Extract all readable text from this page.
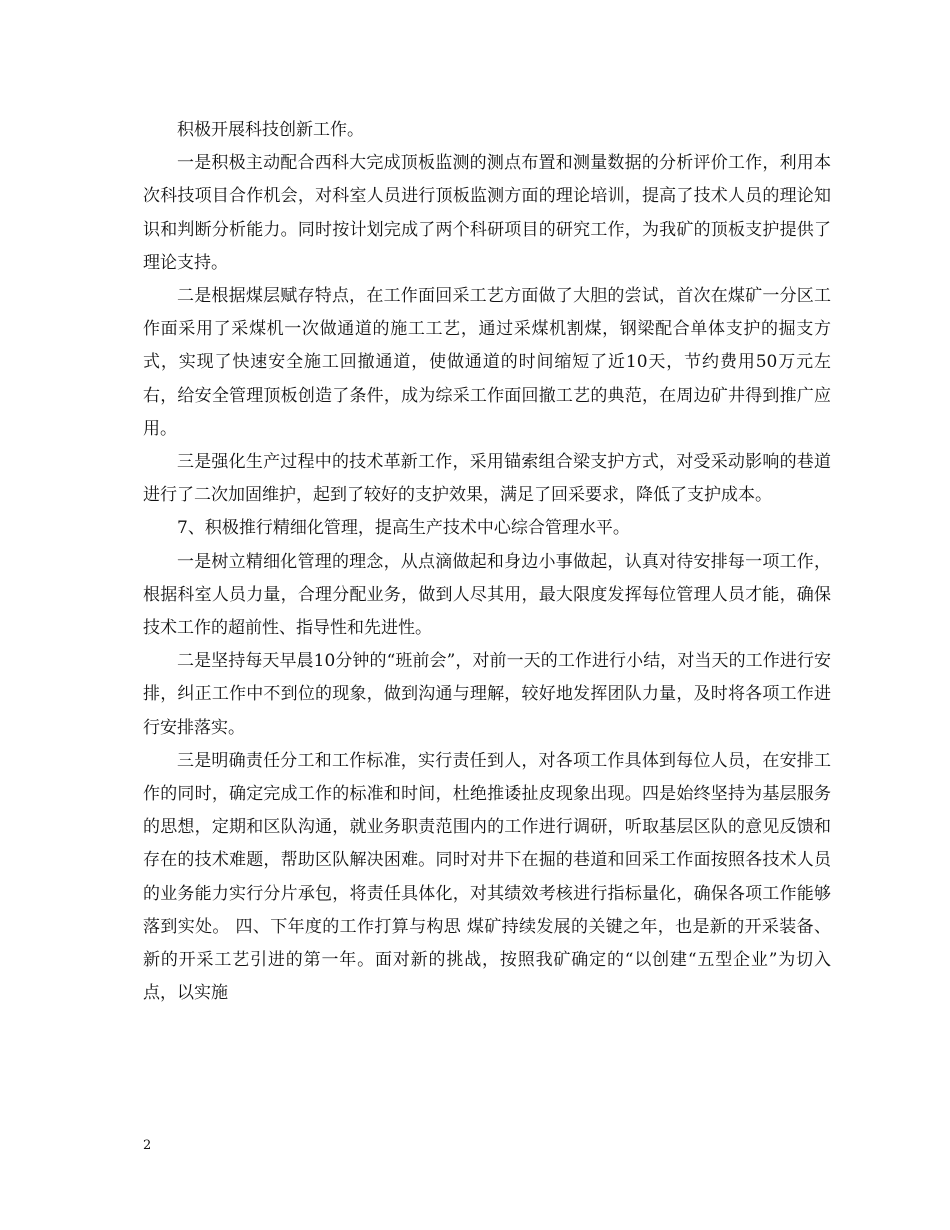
积极开展科技创新工作。

一是积极主动配合西科大完成顶板监测的测点布置和测量数据的分析评价工作，利用本次科技项目合作机会，对科室人员进行顶板监测方面的理论培训，提高了技术人员的理论知识和判断分析能力。同时按计划完成了两个科研项目的研究工作，为我矿的顶板支护提供了理论支持。

二是根据煤层赋存特点，在工作面回采工艺方面做了大胆的尝试，首次在煤矿一分区工作面采用了采煤机一次做通道的施工工艺，通过采煤机割煤，钢梁配合单体支护的掘支方式，实现了快速安全施工回撤通道，使做通道的时间缩短了近10天，节约费用50万元左右，给安全管理顶板创造了条件，成为综采工作面回撤工艺的典范，在周边矿井得到推广应用。

三是强化生产过程中的技术革新工作，采用锚索组合梁支护方式，对受采动影响的巷道进行了二次加固维护，起到了较好的支护效果，满足了回采要求，降低了支护成本。

7、积极推行精细化管理，提高生产技术中心综合管理水平。

一是树立精细化管理的理念，从点滴做起和身边小事做起，认真对待安排每一项工作，根据科室人员力量，合理分配业务，做到人尽其用，最大限度发挥每位管理人员才能，确保技术工作的超前性、指导性和先进性。

二是坚持每天早晨10分钟的“班前会”，对前一天的工作进行小结，对当天的工作进行安排，纠正工作中不到位的现象，做到沟通与理解，较好地发挥团队力量，及时将各项工作进行安排落实。

三是明确责任分工和工作标准，实行责任到人，对各项工作具体到每位人员，在安排工作的同时，确定完成工作的标准和时间，杜绝推诿扯皮现象出现。四是始终坚持为基层服务的思想，定期和区队沟通，就业务职责范围内的工作进行调研，听取基层区队的意见反馈和存在的技术难题，帮助区队解决困难。同时对井下在掘的巷道和回采工作面按照各技术人员的业务能力实行分片承包，将责任具体化，对其绩效考核进行指标量化，确保各项工作能够落到实处。 四、下年度的工作打算与构思 煤矿持续发展的关键之年，也是新的开采装备、新的开采工艺引进的第一年。面对新的挑战，按照我矿确定的“以创建“五型企业”为切入点，以实施

2
